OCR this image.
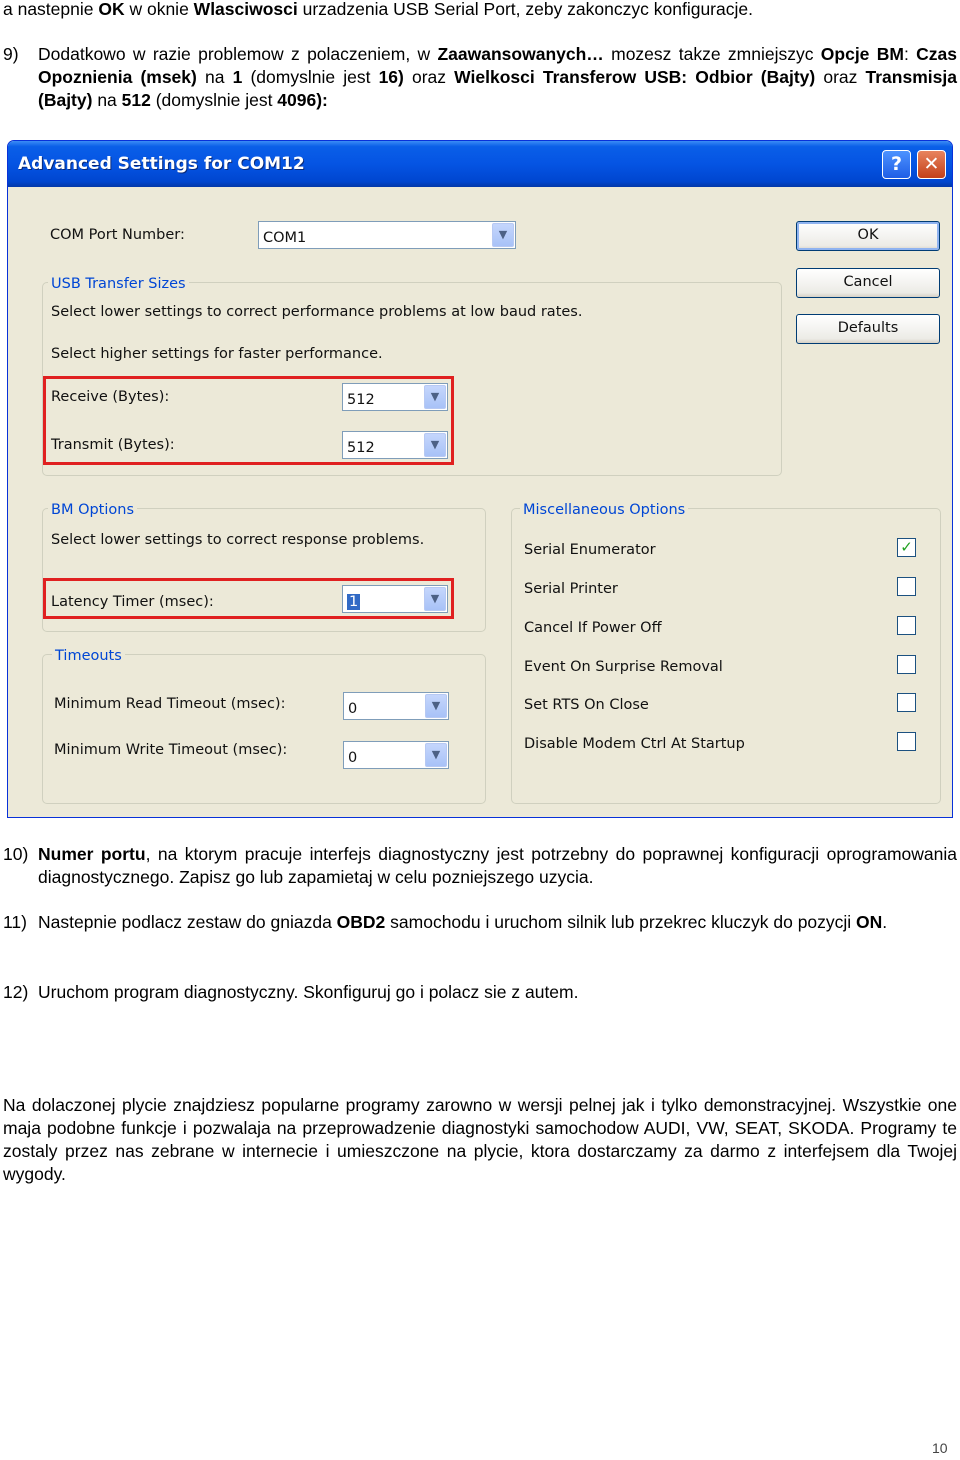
a nastepnie OK w oknie Wlasciwosci urzadzenia USB Serial Port, zeby zakonczyc konfiguracje.
9) Dodatkowo w razie problemow z polaczeniem, w Zaawansowanych… mozesz takze zmniejszyc Opcje BM: Czas Opoznienia (msek) na 1 (domyslnie jest 16) oraz Wielkosci Transferow USB: Odbior (Bajty) oraz Transmisja (Bajty) na 512 (domyslnie jest 4096):
Advanced Settings for COM12	?	✕
COM Port Number:	COM1	▼	OK
Cancel
Defaults
USB Transfer Sizes
Select lower settings to correct performance problems at low baud rates.
Select higher settings for faster performance.
Receive (Bytes):	512	▼
Transmit (Bytes):	512	▼
BM Options
Select lower settings to correct response problems.
Latency Timer (msec):	1	▼
Timeouts
Minimum Read Timeout (msec):	0	▼
Minimum Write Timeout (msec):	0	▼
Miscellaneous Options
Serial Enumerator	✓
Serial Printer
Cancel If Power Off
Event On Surprise Removal
Set RTS On Close
Disable Modem Ctrl At Startup
10) Numer portu, na ktorym pracuje interfejs diagnostyczny jest potrzebny do poprawnej konfiguracji oprogramowania diagnostycznego. Zapisz go lub zapamietaj w celu pozniejszego uzycia.
11) Nastepnie podlacz zestaw do gniazda OBD2 samochodu i uruchom silnik lub przekrec kluczyk do pozycji ON.
12) Uruchom program diagnostyczny. Skonfiguruj go i polacz sie z autem.
Na dolaczonej plycie znajdziesz popularne programy zarowno w wersji pelnej jak i tylko demonstracyjnej. Wszystkie one maja podobne funkcje i pozwalaja na przeprowadzenie diagnostyki samochodow AUDI, VW, SEAT, SKODA. Programy te zostaly przez nas zebrane w internecie i umieszczone na plycie, ktora dostarczamy za darmo z interfejsem dla Twojej wygody.
10
